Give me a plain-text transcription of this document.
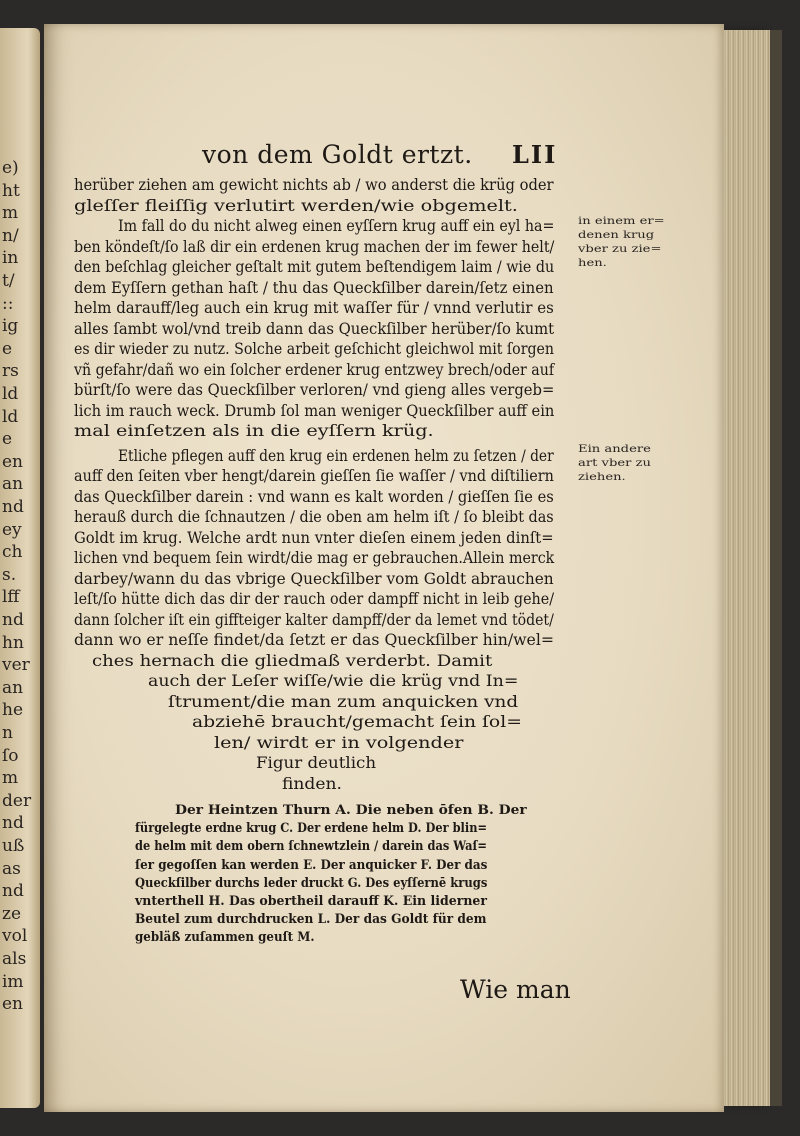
e)
ht
m
n/
in
t/
::
ig
e
rs
ld
ld
e
en
an
nd
ey
ch
s.
lff
nd
hn
ver
an
he
n
ſo
m
der
nd
uß
as
nd
ze
vol
als
im
en
von dem Goldt ertzt. LII
herüber ziehen am gewicht nichts ab / wo anderst die krüg oder
gleſſer fleiſſig verlutirt werden/wie obgemelt.
Im fall do du nicht alweg einen eyſſern krug auff ein eyl ha=
ben köndeſt/ſo laß dir ein erdenen krug machen der im fewer helt/
den beſchlag gleicher geſtalt mit gutem beſtendigem laim / wie du
dem Eyſſern gethan haſt / thu das Queckſilber darein/ſetz einen
helm darauff/leg auch ein krug mit waſſer für / vnnd verlutir es
alles ſambt wol/vnd treib dann das Queckſilber herüber/ſo kumt
es dir wieder zu nutz. Solche arbeit geſchicht gleichwol mit ſorgen
vñ gefahr/dañ wo ein ſolcher erdener krug entzwey brech/oder auf
bürſt/ſo were das Queckſilber verloren/ vnd gieng alles vergeb=
lich im rauch weck. Drumb ſol man weniger Queckſilber auff ein
mal einſetzen als in die eyſſern krüg.
Etliche pflegen auff den krug ein erdenen helm zu ſetzen / der
auff den ſeiten vber hengt/darein gieſſen ſie waſſer / vnd diſtiliern
das Queckſilber darein : vnd wann es kalt worden / gieſſen ſie es
herauß durch die ſchnautzen / die oben am helm iſt / ſo bleibt das
Goldt im krug. Welche ardt nun vnter dieſen einem jeden dinſt=
lichen vnd bequem ſein wirdt/die mag er gebrauchen.Allein merck
darbey/wann du das vbrige Queckſilber vom Goldt abrauchen
leſt/ſo hütte dich das dir der rauch oder dampff nicht in leib gehe/
dann ſolcher iſt ein giffteiger kalter dampff/der da lemet vnd tödet/
dann wo er neſſe findet/da ſetzt er das Queckſilber hin/wel=
ches hernach die gliedmaß verderbt. Damit
auch der Leſer wiſſe/wie die krüg vnd In=
ſtrument/die man zum anquicken vnd
abziehē braucht/gemacht ſein ſol=
len/ wirdt er in volgender
Figur deutlich
finden.
in einem er=
denen krug
vber zu zie=
hen.
Ein andere
art vber zu
ziehen.
Der Heintzen Thurn A. Die neben ōfen B. Der
fürgelegte erdne krug C. Der erdene helm D. Der blin=
de helm mit dem obern ſchnewtzlein / darein das Waſ=
ſer gegoſſen kan werden E. Der anquicker F. Der das
Queckſilber durchs leder druckt G. Des eyſſernē krugs
vnterthell H. Das obertheil darauff K. Ein liderner
Beutel zum durchdrucken L. Der das Goldt für dem
gebläß zuſammen geuſt M.
Wie man
